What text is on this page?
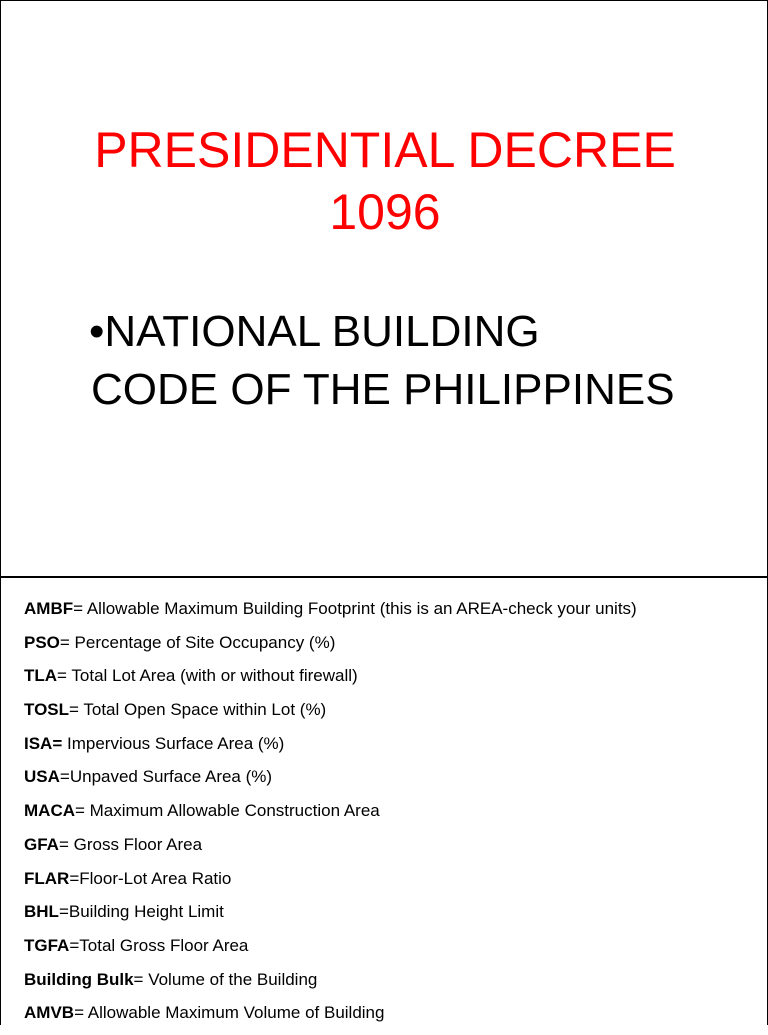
PRESIDENTIAL DECREE
1096
•NATIONAL BUILDING
CODE OF THE PHILIPPINES
AMBF= Allowable Maximum Building Footprint (this is an AREA-check your units)
PSO= Percentage of Site Occupancy (%)
TLA= Total Lot Area (with or without firewall)
TOSL= Total Open Space within Lot (%)
ISA= Impervious Surface Area (%)
USA=Unpaved Surface Area (%)
MACA= Maximum Allowable Construction Area
GFA= Gross Floor Area
FLAR=Floor-Lot Area Ratio
BHL=Building Height Limit
TGFA=Total Gross Floor Area
Building Bulk= Volume of the Building
AMVB= Allowable Maximum Volume of Building
